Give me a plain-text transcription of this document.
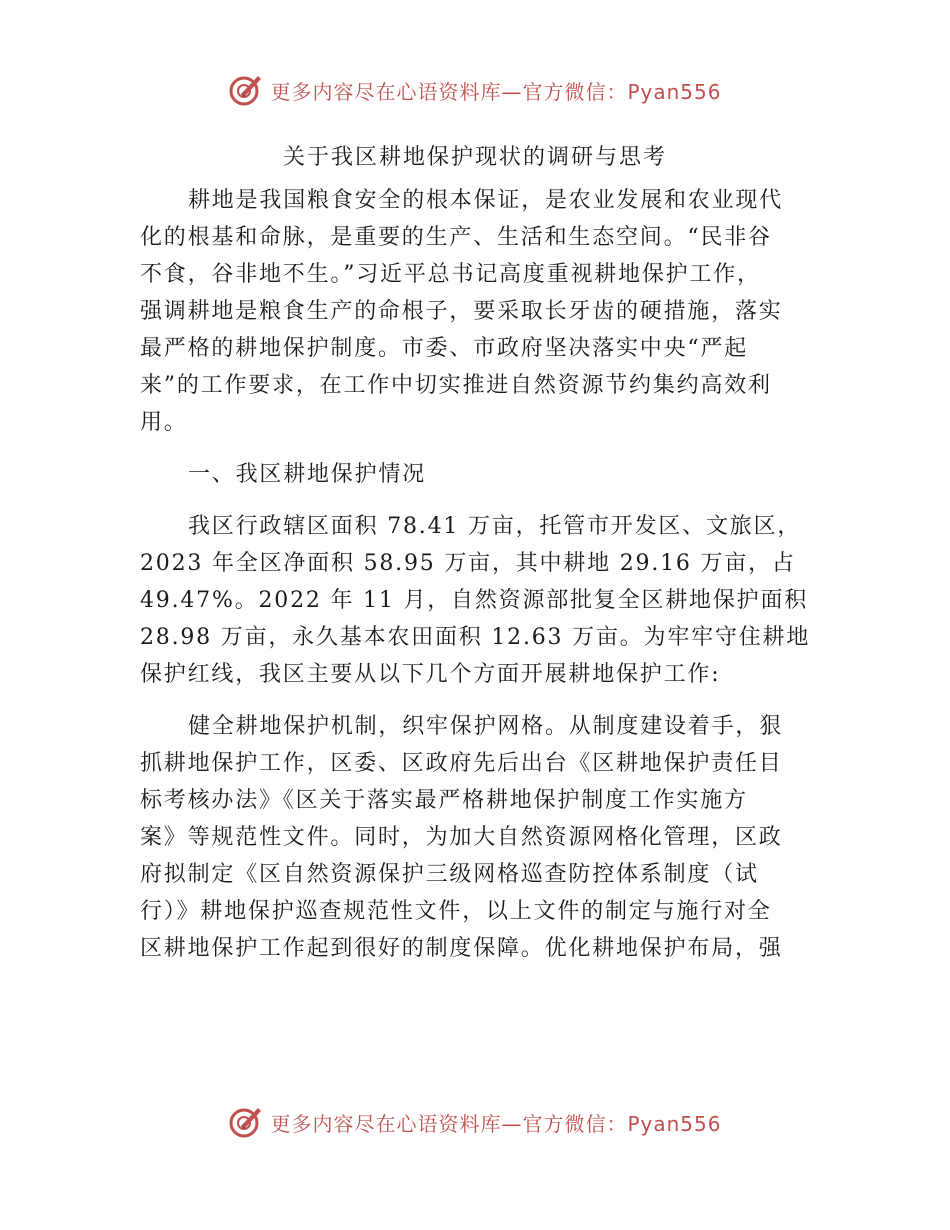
更多内容尽在心语资料库—官方微信：Pyan556
关于我区耕地保护现状的调研与思考

耕地是我国粮食安全的根本保证，是农业发展和农业现代
化的根基和命脉，是重要的生产、生活和生态空间。“民非谷
不食，谷非地不生。”习近平总书记高度重视耕地保护工作，
强调耕地是粮食生产的命根子，要采取长牙齿的硬措施，落实
最严格的耕地保护制度。市委、市政府坚决落实中央“严起
来”的工作要求，在工作中切实推进自然资源节约集约高效利
用。

一、我区耕地保护情况

我区行政辖区面积 78.41 万亩，托管市开发区、文旅区，
2023 年全区净面积 58.95 万亩，其中耕地 29.16 万亩，占
49.47%。2022 年 11 月，自然资源部批复全区耕地保护面积
28.98 万亩，永久基本农田面积 12.63 万亩。为牢牢守住耕地
保护红线，我区主要从以下几个方面开展耕地保护工作:

健全耕地保护机制，织牢保护网格。从制度建设着手，狠
抓耕地保护工作，区委、区政府先后出台《区耕地保护责任目
标考核办法》《区关于落实最严格耕地保护制度工作实施方
案》等规范性文件。同时，为加大自然资源网格化管理，区政
府拟制定《区自然资源保护三级网格巡查防控体系制度（试
行）》耕地保护巡查规范性文件，以上文件的制定与施行对全
区耕地保护工作起到很好的制度保障。优化耕地保护布局，强

更多内容尽在心语资料库—官方微信：Pyan556
